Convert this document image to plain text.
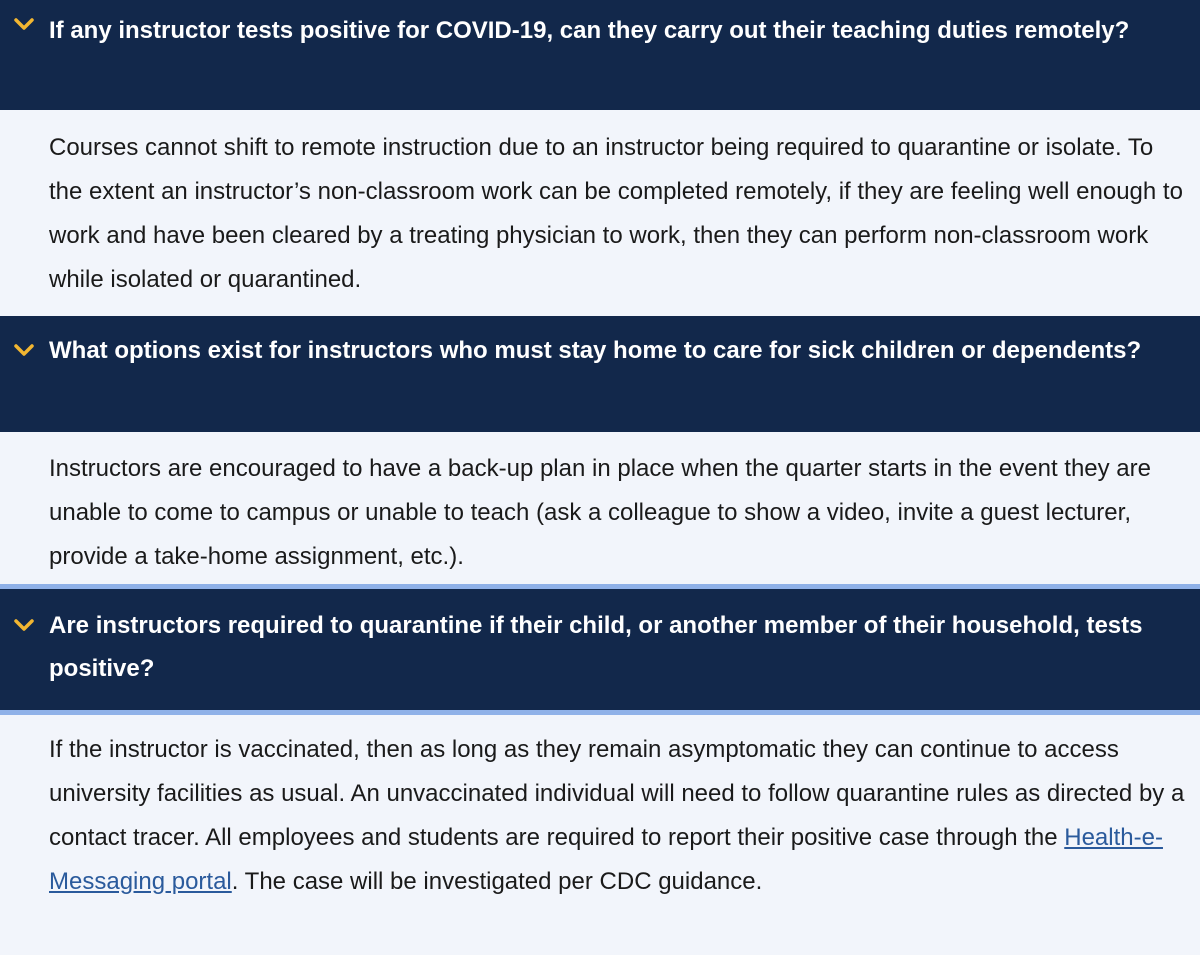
If any instructor tests positive for COVID-19, can they carry out their teaching duties remotely?
Courses cannot shift to remote instruction due to an instructor being required to quarantine or isolate. To the extent an instructor’s non-classroom work can be completed remotely, if they are feeling well enough to work and have been cleared by a treating physician to work, then they can perform non-classroom work while isolated or quarantined.
What options exist for instructors who must stay home to care for sick children or dependents?
Instructors are encouraged to have a back-up plan in place when the quarter starts in the event they are unable to come to campus or unable to teach (ask a colleague to show a video, invite a guest lecturer, provide a take-home assignment, etc.).
Are instructors required to quarantine if their child, or another member of their household, tests positive?
If the instructor is vaccinated, then as long as they remain asymptomatic they can continue to access university facilities as usual. An unvaccinated individual will need to follow quarantine rules as directed by a contact tracer. All employees and students are required to report their positive case through the Health-e-Messaging portal. The case will be investigated per CDC guidance.
